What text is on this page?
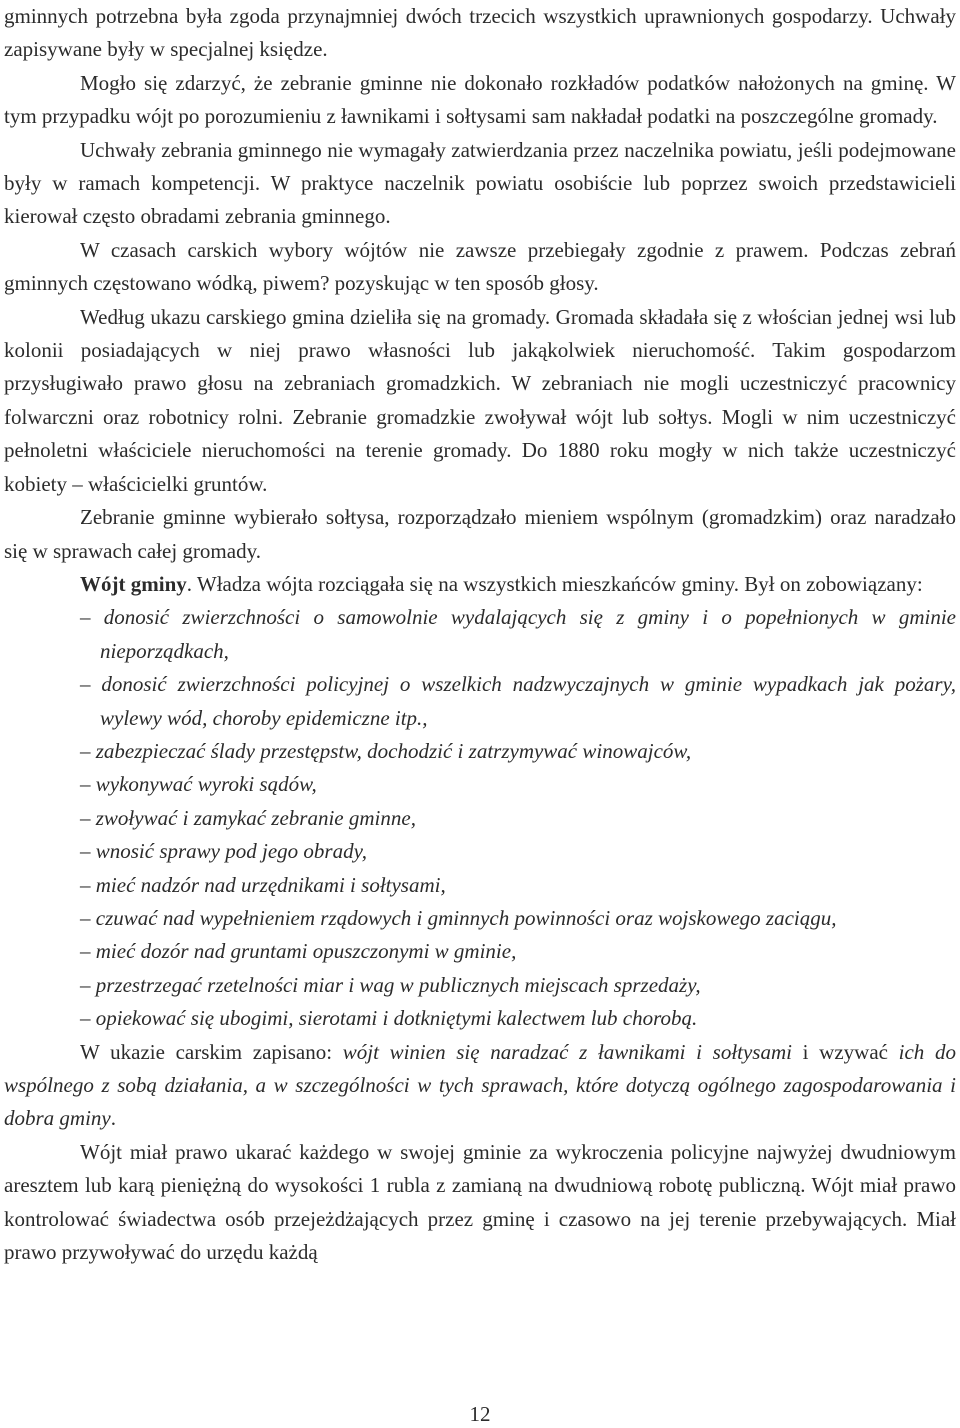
gminnych potrzebna była zgoda przynajmniej dwóch trzecich wszystkich uprawnionych gospodarzy. Uchwały zapisywane były w specjalnej księdze.

Mogło się zdarzyć, że zebranie gminne nie dokonało rozkładów podatków nałożonych na gminę. W tym przypadku wójt po porozumieniu z ławnikami i sołtysami sam nakładał podatki na poszczególne gromady.

Uchwały zebrania gminnego nie wymagały zatwierdzania przez naczelnika powiatu, jeśli podejmowane były w ramach kompetencji. W praktyce naczelnik powiatu osobiście lub poprzez swoich przedstawicieli kierował często obradami zebrania gminnego.

W czasach carskich wybory wójtów nie zawsze przebiegały zgodnie z prawem. Podczas zebrań gminnych częstowano wódką, piwem? pozyskując w ten sposób głosy.

Według ukazu carskiego gmina dzieliła się na gromady. Gromada składała się z włościan jednej wsi lub kolonii posiadających w niej prawo własności lub jakąkolwiek nieruchomość. Takim gospodarzom przysługiwało prawo głosu na zebraniach gromadzkich. W zebraniach nie mogli uczestniczyć pracownicy folwarczni oraz robotnicy rolni. Zebranie gromadzkie zwoływał wójt lub sołtys. Mogli w nim uczestniczyć pełnoletni właściciele nieruchomości na terenie gromady. Do 1880 roku mogły w nich także uczestniczyć kobiety – właścicielki gruntów.

Zebranie gminne wybierało sołtysa, rozporządzało mieniem wspólnym (gromadzkim) oraz naradzało się w sprawach całej gromady.

Wójt gminy. Władza wójta rozciągała się na wszystkich mieszkańców gminy. Był on zobowiązany:

– donosić zwierzchności o samowolnie wydalających się z gminy i o popełnionych w gminie nieporządkach,
– donosić zwierzchności policyjnej o wszelkich nadzwyczajnych w gminie wypadkach jak pożary, wylewy wód, choroby epidemiczne itp.,
– zabezpieczać ślady przestępstw, dochodzić i zatrzymywać winowajców,
– wykonywać wyroki sądów,
– zwoływać i zamykać zebranie gminne,
– wnosić sprawy pod jego obrady,
– mieć nadzór nad urzędnikami i sołtysami,
– czuwać nad wypełnieniem rządowych i gminnych powinności oraz wojskowego zaciągu,
– mieć dozór nad gruntami opuszczonymi w gminie,
– przestrzegać rzetelności miar i wag w publicznych miejscach sprzedaży,
– opiekować się ubogimi, sierotami i dotkniętymi kalectwem lub chorobą.

W ukazie carskim zapisano: wójt winien się naradzać z ławnikami i sołtysami i wzywać ich do wspólnego z sobą działania, a w szczególności w tych sprawach, które dotyczą ogólnego zagospodarowania i dobra gminy.

Wójt miał prawo ukarać każdego w swojej gminie za wykroczenia policyjne najwyżej dwudniowym aresztem lub karą pieniężną do wysokości 1 rubla z zamianą na dwudniową robotę publiczną. Wójt miał prawo kontrolować świadectwa osób przejeżdżających przez gminę i czasowo na jej terenie przebywających. Miał prawo przywoływać do urzędu każdą

12
